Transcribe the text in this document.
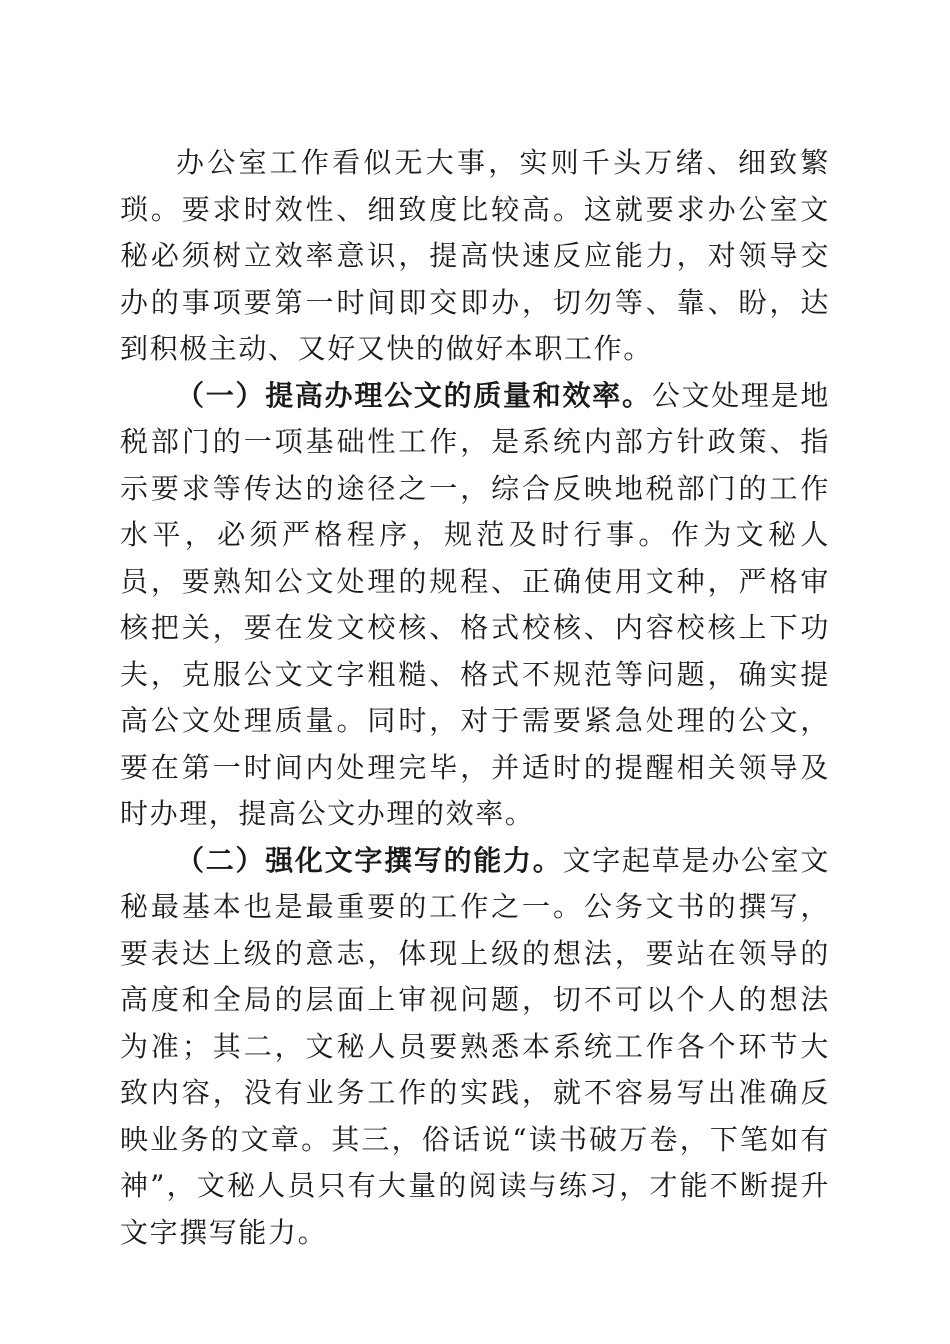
办公室工作看似无大事，实则千头万绪、细致繁琐。要求时效性、细致度比较高。这就要求办公室文秘必须树立效率意识，提高快速反应能力，对领导交办的事项要第一时间即交即办，切勿等、靠、盼，达到积极主动、又好又快的做好本职工作。

（一）提高办理公文的质量和效率。公文处理是地税部门的一项基础性工作，是系统内部方针政策、指示要求等传达的途径之一，综合反映地税部门的工作水平，必须严格程序，规范及时行事。作为文秘人员，要熟知公文处理的规程、正确使用文种，严格审核把关，要在发文校核、格式校核、内容校核上下功夫，克服公文文字粗糙、格式不规范等问题，确实提高公文处理质量。同时，对于需要紧急处理的公文，要在第一时间内处理完毕，并适时的提醒相关领导及时办理，提高公文办理的效率。

（二）强化文字撰写的能力。文字起草是办公室文秘最基本也是最重要的工作之一。公务文书的撰写，要表达上级的意志，体现上级的想法，要站在领导的高度和全局的层面上审视问题，切不可以个人的想法为准；其二，文秘人员要熟悉本系统工作各个环节大致内容，没有业务工作的实践，就不容易写出准确反映业务的文章。其三，俗话说“读书破万卷，下笔如有神”，文秘人员只有大量的阅读与练习，才能不断提升文字撰写能力。
